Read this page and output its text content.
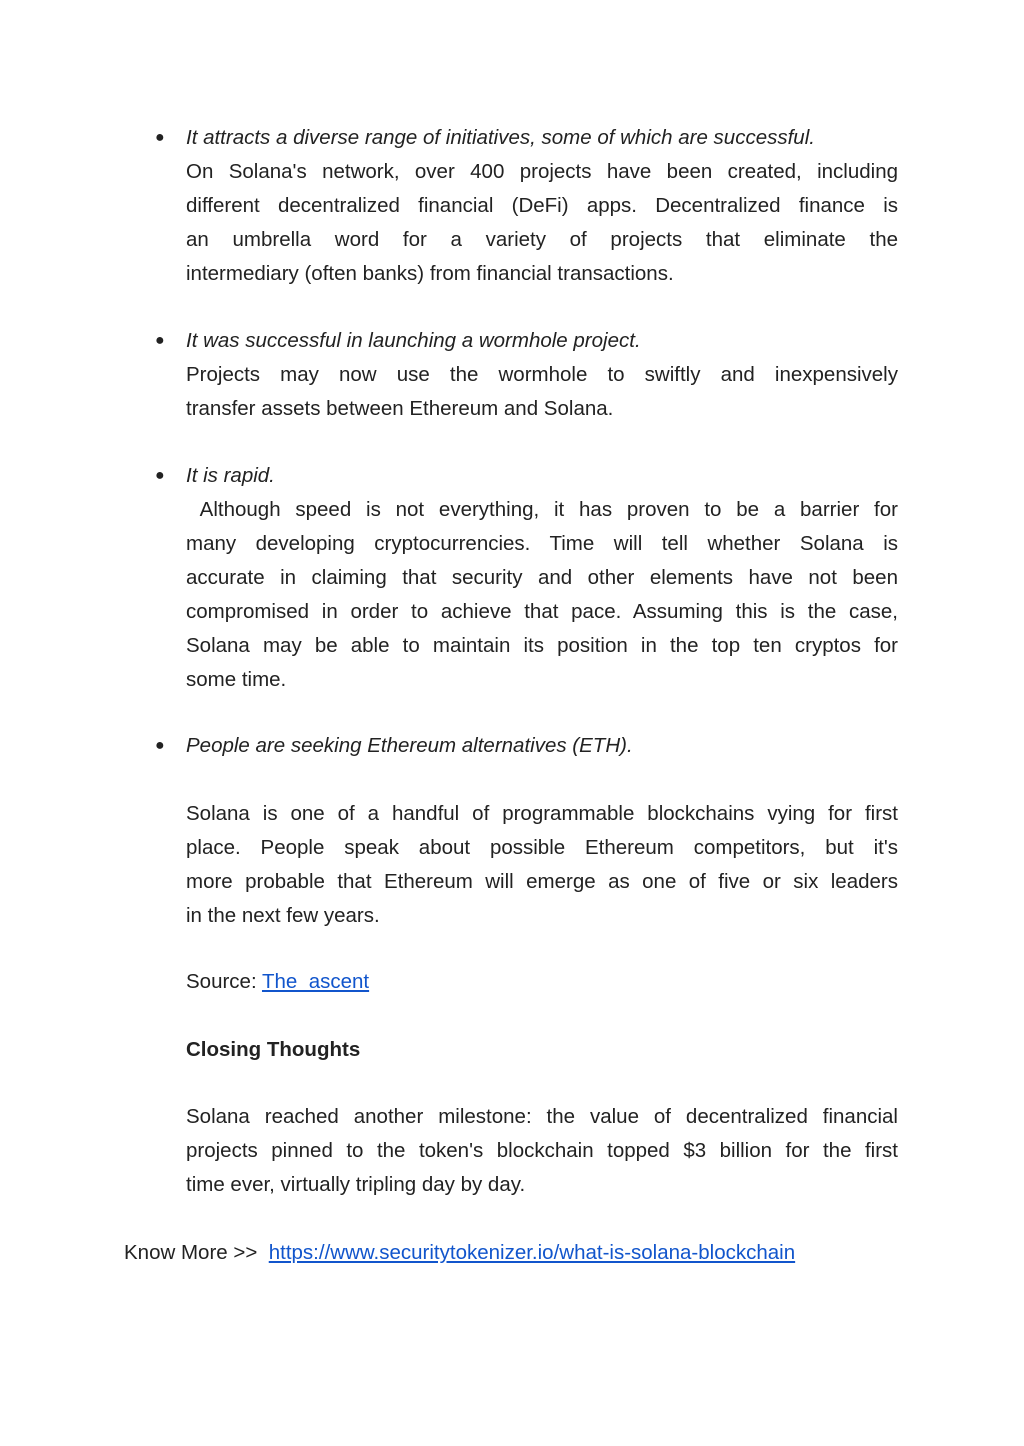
● It attracts a diverse range of initiatives, some of which are successful.
On Solana's network, over 400 projects have been created, including
different decentralized financial (DeFi) apps. Decentralized finance is
an umbrella word for a variety of projects that eliminate the
intermediary (often banks) from financial transactions.
● It was successful in launching a wormhole project.
Projects may now use the wormhole to swiftly and inexpensively
transfer assets between Ethereum and Solana.
● It is rapid.
Although speed is not everything, it has proven to be a barrier for
many developing cryptocurrencies. Time will tell whether Solana is
accurate in claiming that security and other elements have not been
compromised in order to achieve that pace. Assuming this is the case,
Solana may be able to maintain its position in the top ten cryptos for
some time.
● People are seeking Ethereum alternatives (ETH).
Solana is one of a handful of programmable blockchains vying for first
place. People speak about possible Ethereum competitors, but it's
more probable that Ethereum will emerge as one of five or six leaders
in the next few years.
Source: The  ascent
Closing Thoughts
Solana reached another milestone: the value of decentralized financial
projects pinned to the token's blockchain topped $3 billion for the first
time ever, virtually tripling day by day.
Know More >> https://www.securitytokenizer.io/what-is-solana-blockchain
